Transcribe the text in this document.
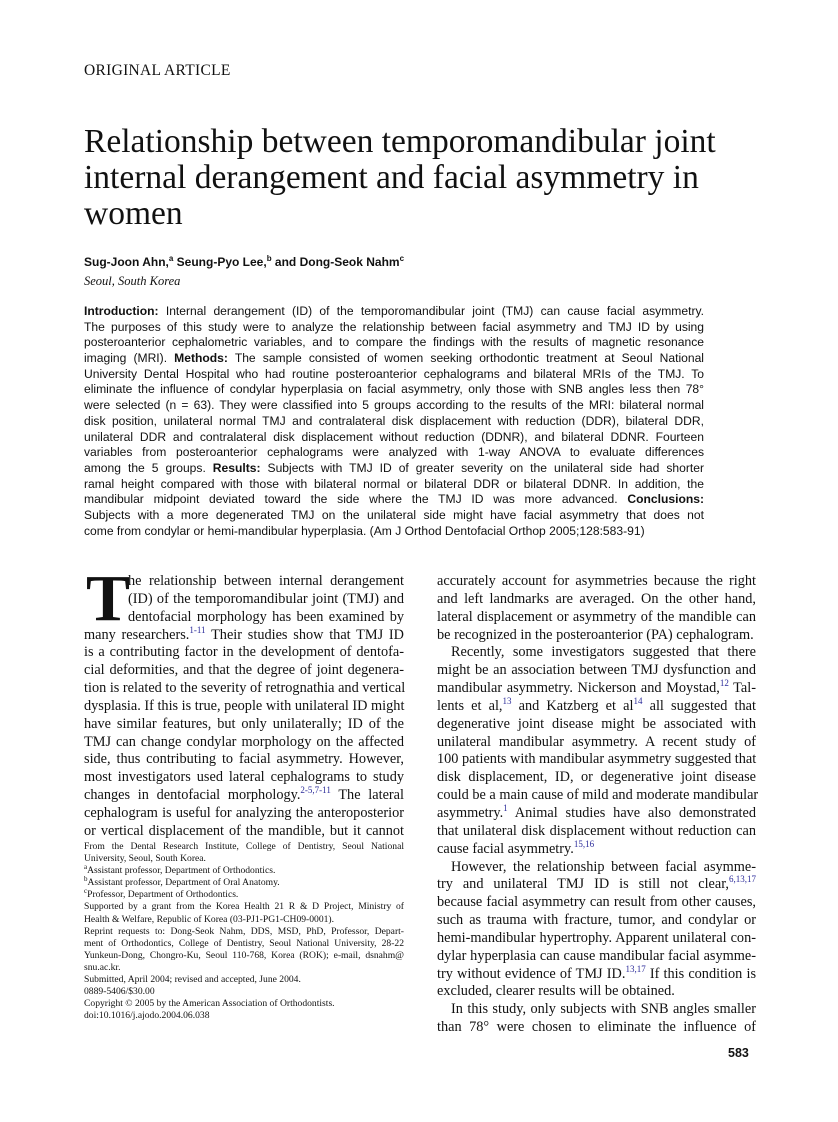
ORIGINAL ARTICLE
Relationship between temporomandibular joint internal derangement and facial asymmetry in women
Sug-Joon Ahn,$^a$ Seung-Pyo Lee,$^b$ and Dong-Seok Nahm$^c$
Seoul, South Korea
Introduction: Internal derangement (ID) of the temporomandibular joint (TMJ) can cause facial asymmetry.
The purposes of this study were to analyze the relationship between facial asymmetry and TMJ ID by using
posteroanterior cephalometric variables, and to compare the findings with the results of magnetic resonance
imaging (MRI). Methods: The sample consisted of women seeking orthodontic treatment at Seoul National
University Dental Hospital who had routine posteroanterior cephalograms and bilateral MRIs of the TMJ. To
eliminate the influence of condylar hyperplasia on facial asymmetry, only those with SNB angles less then 78°
were selected (n = 63). They were classified into 5 groups according to the results of the MRI: bilateral normal
disk position, unilateral normal TMJ and contralateral disk displacement with reduction (DDR), bilateral DDR,
unilateral DDR and contralateral disk displacement without reduction (DDNR), and bilateral DDNR. Fourteen
variables from posteroanterior cephalograms were analyzed with 1-way ANOVA to evaluate differences
among the 5 groups. Results: Subjects with TMJ ID of greater severity on the unilateral side had shorter
ramal height compared with those with bilateral normal or bilateral DDR or bilateral DDNR. In addition, the
mandibular midpoint deviated toward the side where the TMJ ID was more advanced. Conclusions:
Subjects with a more degenerated TMJ on the unilateral side might have facial asymmetry that does not
come from condylar or hemi-mandibular hyperplasia. (Am J Orthod Dentofacial Orthop 2005;128:583-91)
T
he relationship between internal derangement
(ID) of the temporomandibular joint (TMJ) and
dentofacial morphology has been examined by
many researchers.$^{1-11}$ Their studies show that TMJ ID
is a contributing factor in the development of dentofa-
cial deformities, and that the degree of joint degenera-
tion is related to the severity of retrognathia and vertical
dysplasia. If this is true, people with unilateral ID might
have similar features, but only unilaterally; ID of the
TMJ can change condylar morphology on the affected
side, thus contributing to facial asymmetry. However,
most investigators used lateral cephalograms to study
changes in dentofacial morphology.$^{2-5,7-11}$ The lateral
cephalogram is useful for analyzing the anteroposterior
or vertical displacement of the mandible, but it cannot
accurately account for asymmetries because the right
and left landmarks are averaged. On the other hand,
lateral displacement or asymmetry of the mandible can
be recognized in the posteroanterior (PA) cephalogram.
Recently, some investigators suggested that there
might be an association between TMJ dysfunction and
mandibular asymmetry. Nickerson and Moystad,$^{12}$ Tal-
lents et al,$^{13}$ and Katzberg et al$^{14}$ all suggested that
degenerative joint disease might be associated with
unilateral mandibular asymmetry. A recent study of
100 patients with mandibular asymmetry suggested that
disk displacement, ID, or degenerative joint disease
could be a main cause of mild and moderate mandibular
asymmetry.$^1$ Animal studies have also demonstrated
that unilateral disk displacement without reduction can
cause facial asymmetry.$^{15,16}$
However, the relationship between facial asymme-
try and unilateral TMJ ID is still not clear,$^{6,13,17}$
because facial asymmetry can result from other causes,
such as trauma with fracture, tumor, and condylar or
hemi-mandibular hypertrophy. Apparent unilateral con-
dylar hyperplasia can cause mandibular facial asymme-
try without evidence of TMJ ID.$^{13,17}$ If this condition is
excluded, clearer results will be obtained.
In this study, only subjects with SNB angles smaller
than 78° were chosen to eliminate the influence of
From the Dental Research Institute, College of Dentistry, Seoul National
University, Seoul, South Korea.
$^a$Assistant professor, Department of Orthodontics.
$^b$Assistant professor, Department of Oral Anatomy.
$^c$Professor, Department of Orthodontics.
Supported by a grant from the Korea Health 21 R & D Project, Ministry of
Health & Welfare, Republic of Korea (03-PJ1-PG1-CH09-0001).
Reprint requests to: Dong-Seok Nahm, DDS, MSD, PhD, Professor, Depart-
ment of Orthodontics, College of Dentistry, Seoul National University, 28-22
Yunkeun-Dong, Chongro-Ku, Seoul 110-768, Korea (ROK); e-mail, dsnahm@
snu.ac.kr.
Submitted, April 2004; revised and accepted, June 2004.
0889-5406/$30.00
Copyright © 2005 by the American Association of Orthodontists.
doi:10.1016/j.ajodo.2004.06.038
583
